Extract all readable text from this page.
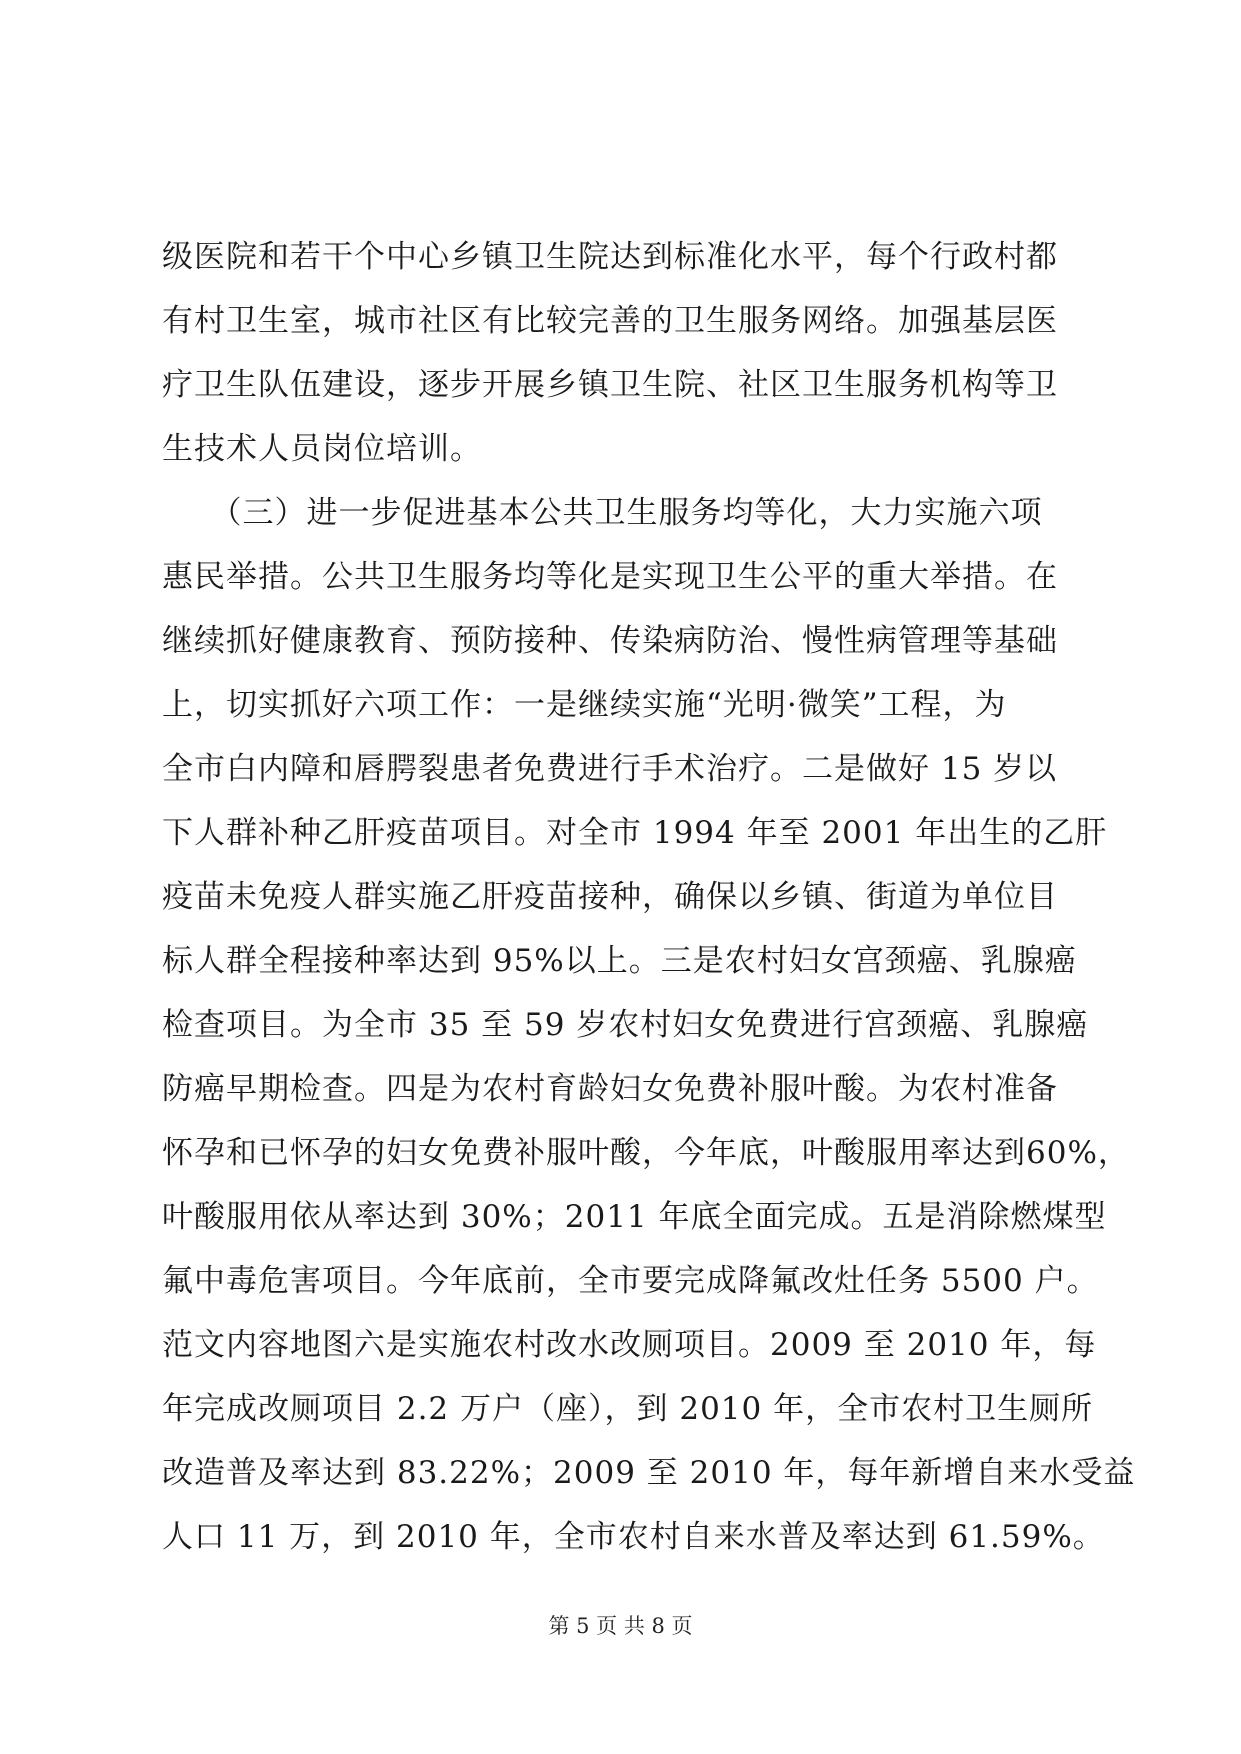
级医院和若干个中心乡镇卫生院达到标准化水平，每个行政村都
有村卫生室，城市社区有比较完善的卫生服务网络。加强基层医
疗卫生队伍建设，逐步开展乡镇卫生院、社区卫生服务机构等卫
生技术人员岗位培训。
　　（三）进一步促进基本公共卫生服务均等化，大力实施六项
惠民举措。公共卫生服务均等化是实现卫生公平的重大举措。在
继续抓好健康教育、预防接种、传染病防治、慢性病管理等基础
上，切实抓好六项工作：一是继续实施“光明·微笑”工程，为
全市白内障和唇腭裂患者免费进行手术治疗。二是做好 15 岁以
下人群补种乙肝疫苗项目。对全市 1994 年至 2001 年出生的乙肝
疫苗未免疫人群实施乙肝疫苗接种，确保以乡镇、街道为单位目
标人群全程接种率达到 95%以上。三是农村妇女宫颈癌、乳腺癌
检查项目。为全市 35 至 59 岁农村妇女免费进行宫颈癌、乳腺癌
防癌早期检查。四是为农村育龄妇女免费补服叶酸。为农村准备
怀孕和已怀孕的妇女免费补服叶酸，今年底，叶酸服用率达到60%，
叶酸服用依从率达到 30%；2011 年底全面完成。五是消除燃煤型
氟中毒危害项目。今年底前，全市要完成降氟改灶任务 5500 户。
范文内容地图六是实施农村改水改厕项目。2009 至 2010 年，每
年完成改厕项目 2.2 万户（座），到 2010 年，全市农村卫生厕所
改造普及率达到 83.22%；2009 至 2010 年，每年新增自来水受益
人口 11 万，到 2010 年，全市农村自来水普及率达到 61.59%。
第 5 页 共 8 页
